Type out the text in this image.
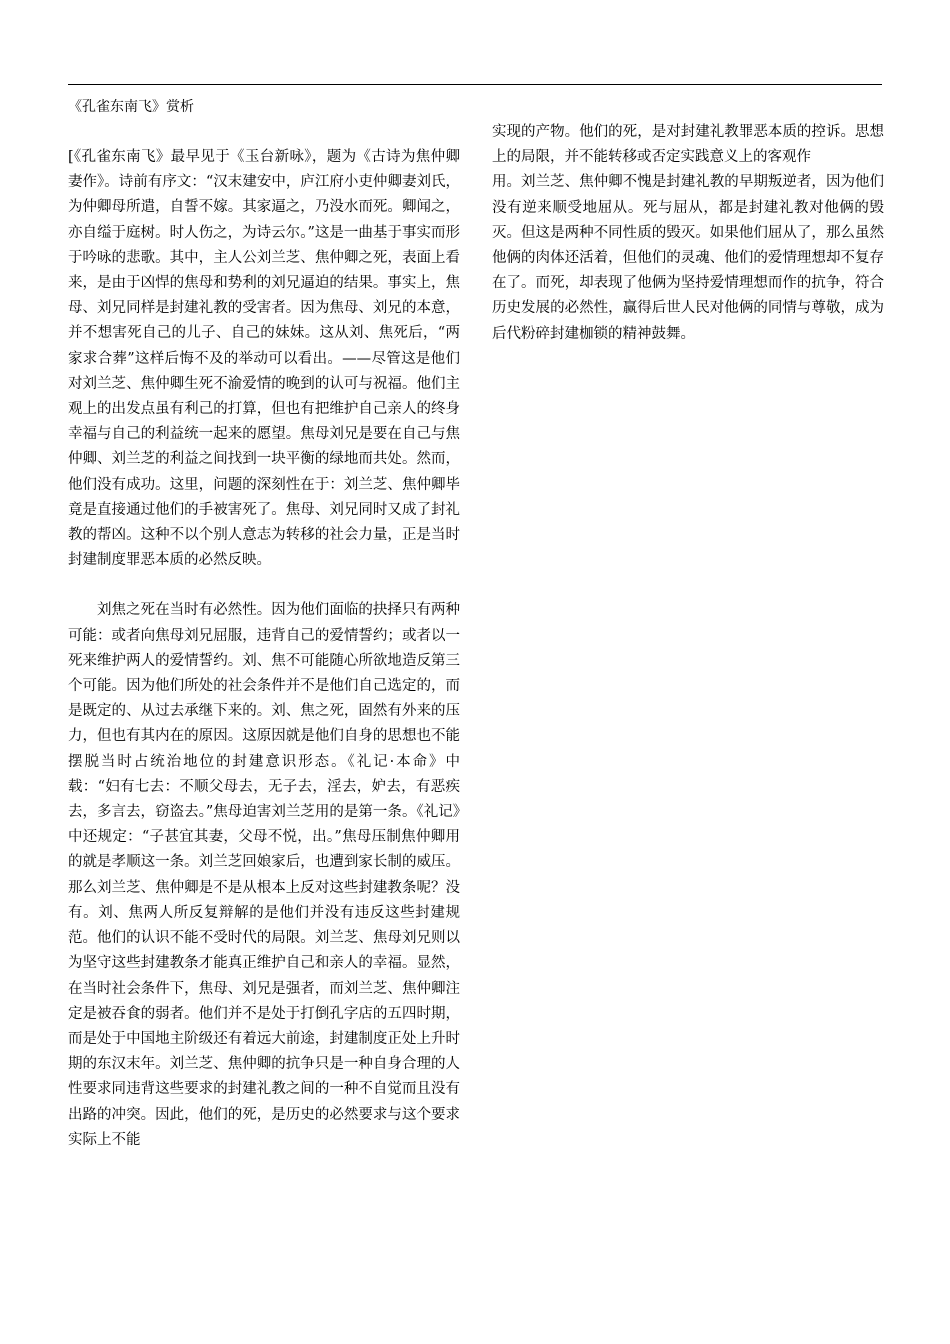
《孔雀东南飞》赏析

[《孔雀东南飞》最早见于《玉台新咏》，题为《古诗为焦仲卿妻作》。诗前有序文：“汉末建安中，庐江府小吏仲卿妻刘氏，为仲卿母所遣，自誓不嫁。其家逼之，乃没水而死。卿闻之，亦自缢于庭树。时人伤之，为诗云尔。”这是一曲基于事实而形于吟咏的悲歌。其中，主人公刘兰芝、焦仲卿之死，表面上看来，是由于凶悍的焦母和势利的刘兄逼迫的结果。事实上，焦母、刘兄同样是封建礼教的受害者。因为焦母、刘兄的本意，并不想害死自己的儿子、自己的妹妹。这从刘、焦死后，“两家求合葬”这样后悔不及的举动可以看出。——尽管这是他们对刘兰芝、焦仲卿生死不渝爱情的晚到的认可与祝福。他们主观上的出发点虽有利己的打算，但也有把维护自己亲人的终身幸福与自己的利益统一起来的愿望。焦母刘兄是要在自己与焦仲卿、刘兰芝的利益之间找到一块平衡的绿地而共处。然而，他们没有成功。这里，问题的深刻性在于：刘兰芝、焦仲卿毕竟是直接通过他们的手被害死了。焦母、刘兄同时又成了封礼教的帮凶。这种不以个别人意志为转移的社会力量，正是当时封建制度罪恶本质的必然反映。

刘焦之死在当时有必然性。因为他们面临的抉择只有两种可能：或者向焦母刘兄屈服，违背自己的爱情誓约；或者以一死来维护两人的爱情誓约。刘、焦不可能随心所欲地造反第三个可能。因为他们所处的社会条件并不是他们自己选定的，而是既定的、从过去承继下来的。刘、焦之死，固然有外来的压力，但也有其内在的原因。这原因就是他们自身的思想也不能摆脱当时占统治地位的封建意识形态。《礼记·本命》中载：“妇有七去：不顺父母去，无子去，淫去，妒去，有恶疾去，多言去，窃盗去。”焦母迫害刘兰芝用的是第一条。《礼记》中还规定：“子甚宜其妻，父母不悦，出。”焦母压制焦仲卿用的就是孝顺这一条。刘兰芝回娘家后，也遭到家长制的威压。那么刘兰芝、焦仲卿是不是从根本上反对这些封建教条呢？没有。刘、焦两人所反复辩解的是他们并没有违反这些封建规范。他们的认识不能不受时代的局限。刘兰芝、焦母刘兄则以为坚守这些封建教条才能真正维护自己和亲人的幸福。显然，在当时社会条件下，焦母、刘兄是强者，而刘兰芝、焦仲卿注定是被吞食的弱者。他们并不是处于打倒孔字店的五四时期，而是处于中国地主阶级还有着远大前途，封建制度正处上升时期的东汉末年。刘兰芝、焦仲卿的抗争只是一种自身合理的人性要求同违背这些要求的封建礼教之间的一种不自觉而且没有出路的冲突。因此，他们的死，是历史的必然要求与这个要求实际上不能

实现的产物。他们的死，是对封建礼教罪恶本质的控诉。思想上的局限，并不能转移或否定实践意义上的客观作

用。刘兰芝、焦仲卿不愧是封建礼教的早期叛逆者，因为他们没有逆来顺受地屈从。死与屈从，都是封建礼教对他俩的毁灭。但这是两种不同性质的毁灭。如果他们屈从了，那么虽然他俩的肉体还活着，但他们的灵魂、他们的爱情理想却不复存在了。而死，却表现了他俩为坚持爱情理想而作的抗争，符合历史发展的必然性，赢得后世人民对他俩的同情与尊敬，成为后代粉碎封建枷锁的精神鼓舞。
